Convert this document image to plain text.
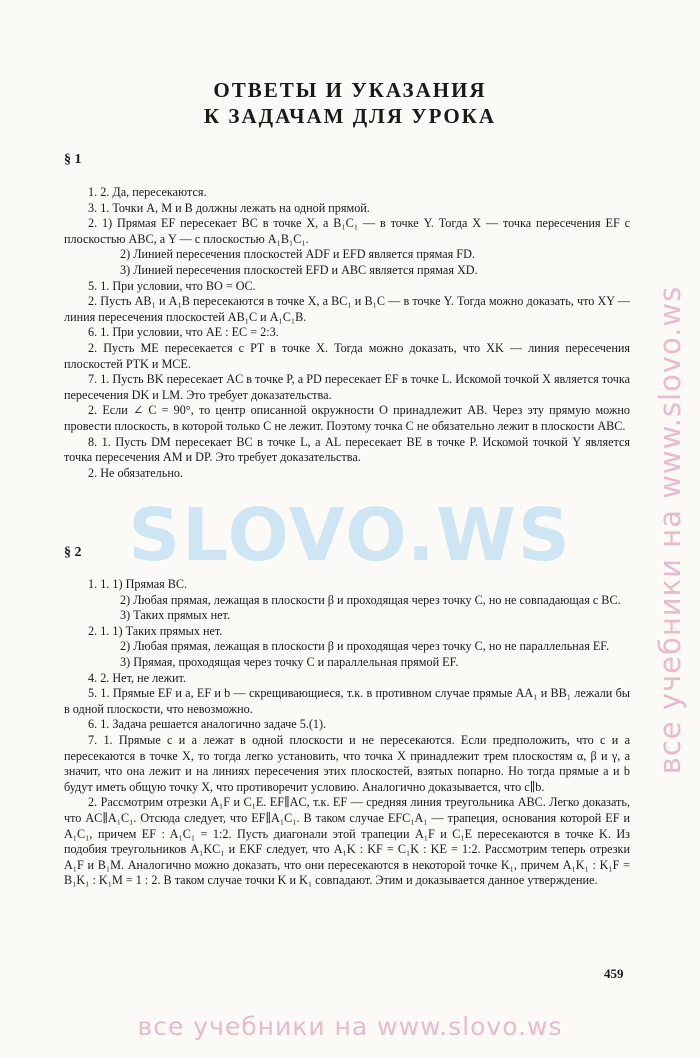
ОТВЕТЫ И УКАЗАНИЯ
К ЗАДАЧАМ ДЛЯ УРОКА
§ 1

1. 2. Да, пересекаются.

3. 1. Точки A, M и B должны лежать на одной прямой.

2. 1) Прямая EF пересекает BC в точке X, а B₁C₁ — в точке Y. Тогда X — точка пересечения EF с плоскостью ABC, а Y — с плоскостью A₁B₁C₁.

2) Линией пересечения плоскостей ADF и EFD является прямая FD.

3) Линией пересечения плоскостей EFD и ABC является прямая XD.

5. 1. При условии, что BO = OC.

2. Пусть AB₁ и A₁B пересекаются в точке X, а BC₁ и B₁C — в точке Y. Тогда можно доказать, что XY — линия пересечения плоскостей AB₁C и A₁C₁B.

6. 1. При условии, что AE : EC = 2:3.

2. Пусть ME пересекается с PT в точке X. Тогда можно доказать, что XK — линия пересечения плоскостей PTK и MCE.

7. 1. Пусть BK пересекает AC в точке P, а PD пересекает EF в точке L. Искомой точкой X является точка пересечения DK и LM. Это требует доказательства.

2. Если ∠ C = 90°, то центр описанной окружности O принадлежит AB. Через эту прямую можно провести плоскость, в которой только C не лежит. Поэтому точка C не обязательно лежит в плоскости ABC.

8. 1. Пусть DM пересекает BC в точке L, а AL пересекает BE в точке P. Искомой точкой Y является точка пересечения AM и DP. Это требует доказательства.

2. Не обязательно.

SLOVO.WS
§ 2

1. 1. 1) Прямая BC.

2) Любая прямая, лежащая в плоскости β и проходящая через точку C, но не совпадающая с BC.

3) Таких прямых нет.

2. 1. 1) Таких прямых нет.

2) Любая прямая, лежащая в плоскости β и проходящая через точку C, но не параллельная EF.

3) Прямая, проходящая через точку C и параллельная прямой EF.

4. 2. Нет, не лежит.

5. 1. Прямые EF и a, EF и b — скрещивающиеся, т.к. в противном случае прямые AA₁ и BB₁ лежали бы в одной плоскости, что невозможно.

6. 1. Задача решается аналогично задаче 5.(1).

7. 1. Прямые c и a лежат в одной плоскости и не пересекаются. Если предположить, что c и a пересекаются в точке X, то тогда легко установить, что точка X принадлежит трем плоскостям α, β и γ, а значит, что она лежит и на линиях пересечения этих плоскостей, взятых попарно. Но тогда прямые a и b будут иметь общую точку X, что противоречит условию. Аналогично доказывается, что c∥b.

2. Рассмотрим отрезки A₁F и C₁E. EF∥AC, т.к. EF — средняя линия треугольника ABC. Легко доказать, что AC∥A₁C₁. Отсюда следует, что EF∥A₁C₁. В таком случае EFC₁A₁ — трапеция, основания которой EF и A₁C₁, причем EF : A₁C₁ = 1:2. Пусть диагонали этой трапеции A₁F и C₁E пересекаются в точке K. Из подобия треугольников A₁KC₁ и EKF следует, что A₁K : KF = C₁K : KE = 1:2. Рассмотрим теперь отрезки A₁F и B₁M. Аналогично можно доказать, что они пересекаются в некоторой точке K₁, причем A₁K₁ : K₁F = B₁K₁ : K₁M = 1 : 2. В таком случае точки K и K₁ совпадают. Этим и доказывается данное утверждение.

459
все учебники на www.slovo.ws
все учебники на www.slovo.ws
